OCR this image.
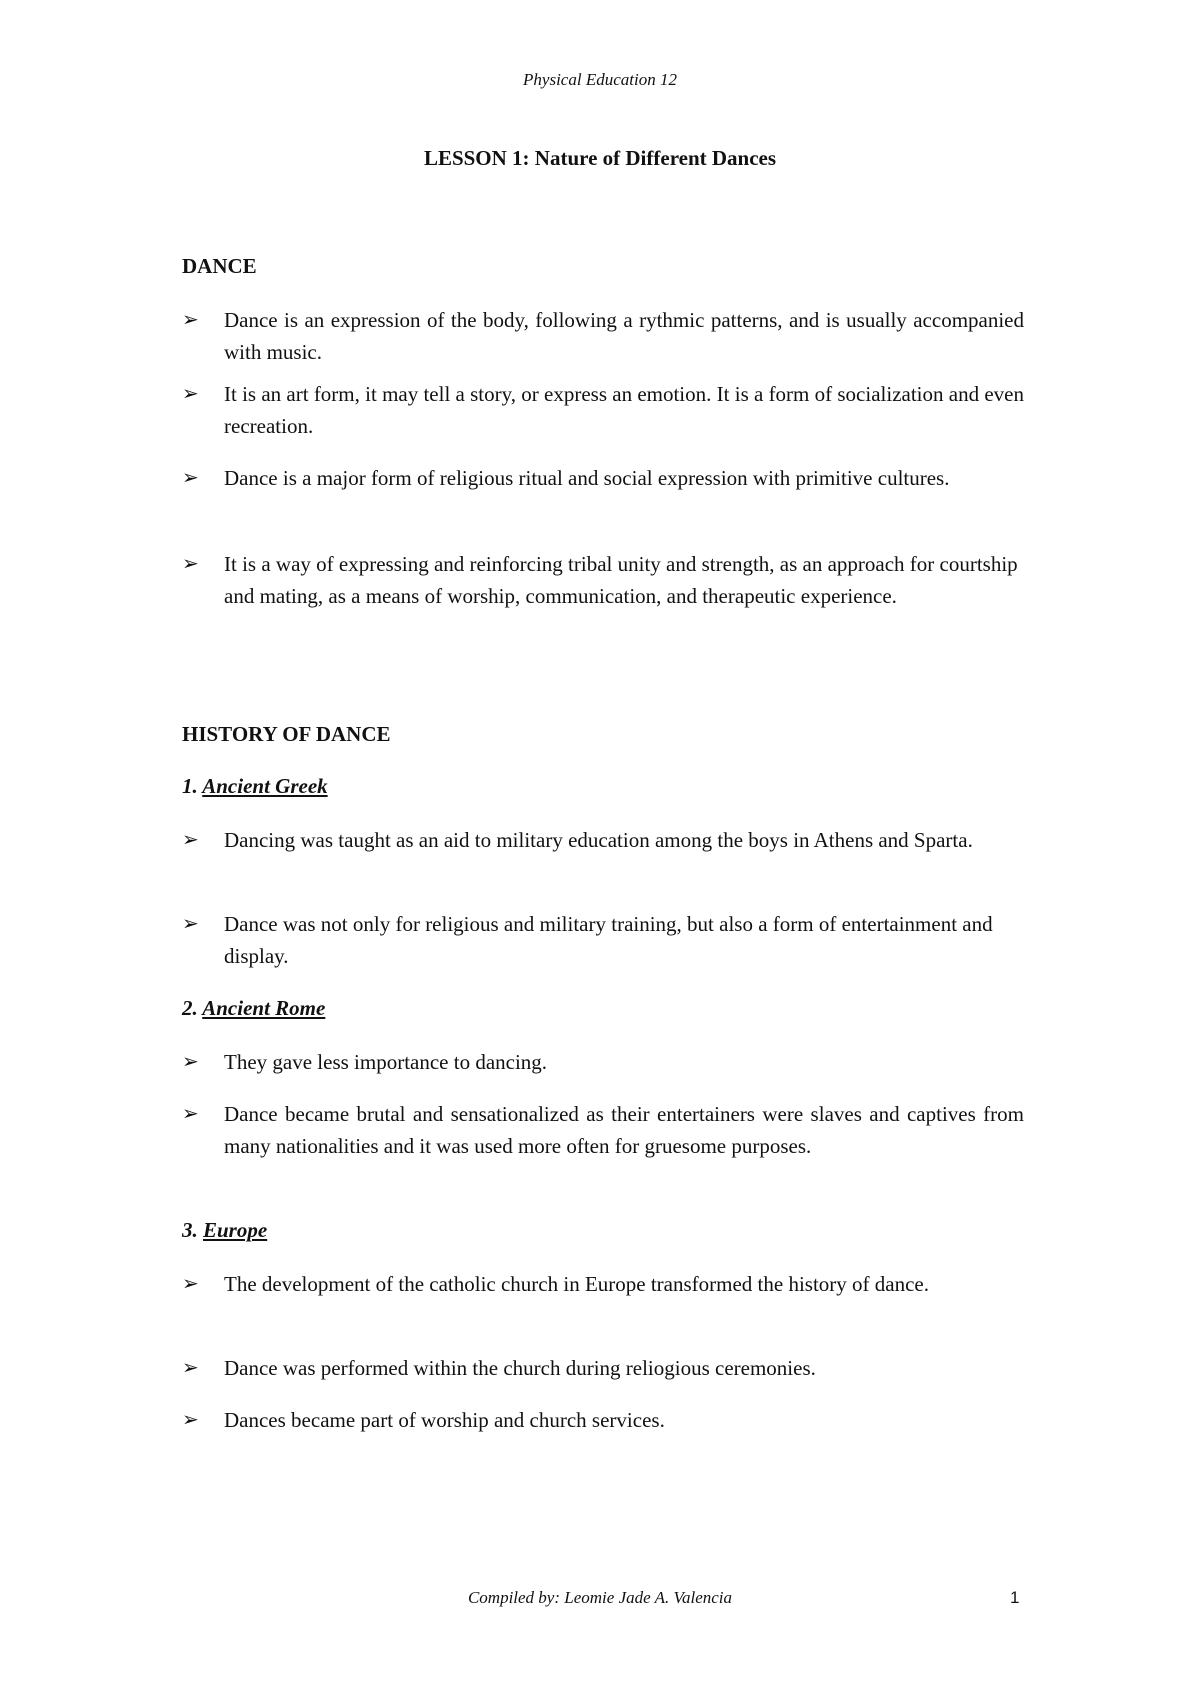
Physical Education 12
LESSON 1: Nature of Different Dances
DANCE
➢ Dance is an expression of the body, following a rythmic patterns, and is usually accompanied with music.
➢ It is an art form, it may tell a story, or express an emotion. It is a form of socialization and even recreation.
➢ Dance is a major form of religious ritual and social expression with primitive cultures.
➢ It is a way of expressing and reinforcing tribal unity and strength, as an approach for courtship and mating, as a means of worship, communication, and therapeutic experience.
HISTORY OF DANCE
1. Ancient Greek
➢ Dancing was taught as an aid to military education among the boys in Athens and Sparta.
➢ Dance was not only for religious and military training, but also a form of entertainment and display.
2. Ancient Rome
➢ They gave less importance to dancing.
➢ Dance became brutal and sensationalized as their entertainers were slaves and captives from many nationalities and it was used more often for gruesome purposes.
3. Europe
➢ The development of the catholic church in Europe transformed the history of dance.
➢ Dance was performed within the church during reliogious ceremonies.
➢ Dances became part of worship and church services.
Compiled by: Leomie Jade A. Valencia	1
